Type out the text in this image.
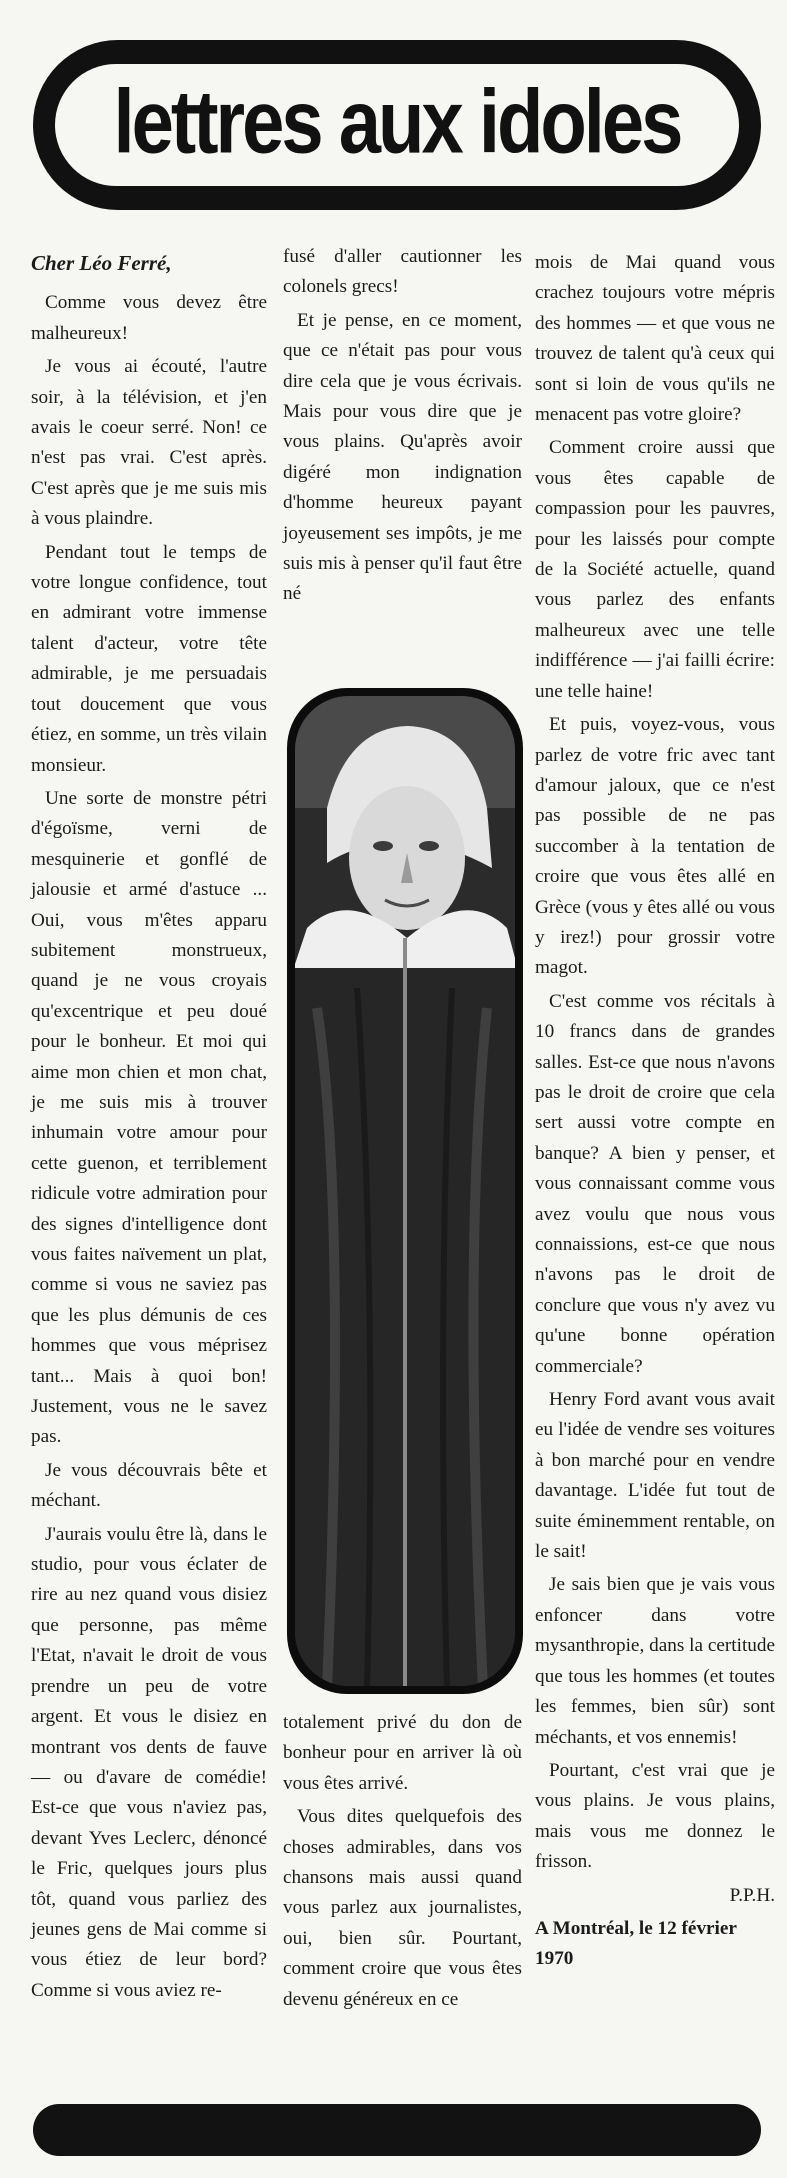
lettres aux idoles

Cher Léo Ferré,

Comme vous devez être malheureux!

Je vous ai écouté, l'autre soir, à la télévision, et j'en avais le coeur serré. Non! ce n'est pas vrai. C'est après. C'est après que je me suis mis à vous plaindre.

Pendant tout le temps de votre longue confidence, tout en admirant votre immense talent d'acteur, votre tête admirable, je me persuadais tout doucement que vous étiez, en somme, un très vilain monsieur.

Une sorte de monstre pétri d'égoïsme, verni de mesquinerie et gonflé de jalousie et armé d'astuce ... Oui, vous m'êtes apparu subitement monstrueux, quand je ne vous croyais qu'excentrique et peu doué pour le bonheur. Et moi qui aime mon chien et mon chat, je me suis mis à trouver inhumain votre amour pour cette guenon, et terriblement ridicule votre admiration pour des signes d'intelligence dont vous faites naïvement un plat, comme si vous ne saviez pas que les plus démunis de ces hommes que vous méprisez tant... Mais à quoi bon! Justement, vous ne le savez pas.

Je vous découvrais bête et méchant.

J'aurais voulu être là, dans le studio, pour vous éclater de rire au nez quand vous disiez que personne, pas même l'Etat, n'avait le droit de vous prendre un peu de votre argent. Et vous le disiez en montrant vos dents de fauve — ou d'avare de comédie! Est-ce que vous n'aviez pas, devant Yves Leclerc, dénoncé le Fric, quelques jours plus tôt, quand vous parliez des jeunes gens de Mai comme si vous étiez de leur bord? Comme si vous aviez re-

fusé d'aller cautionner les colonels grecs!

Et je pense, en ce moment, que ce n'était pas pour vous dire cela que je vous écrivais. Mais pour vous dire que je vous plains. Qu'après avoir digéré mon indignation d'homme heureux payant joyeusement ses impôts, je me suis mis à penser qu'il faut être né

totalement privé du don de bonheur pour en arriver là où vous êtes arrivé.

Vous dites quelquefois des choses admirables, dans vos chansons mais aussi quand vous parlez aux journalistes, oui, bien sûr. Pourtant, comment croire que vous êtes devenu généreux en ce

mois de Mai quand vous crachez toujours votre mépris des hommes — et que vous ne trouvez de talent qu'à ceux qui sont si loin de vous qu'ils ne menacent pas votre gloire?

Comment croire aussi que vous êtes capable de compassion pour les pauvres, pour les laissés pour compte de la Société actuelle, quand vous parlez des enfants malheureux avec une telle indifférence — j'ai failli écrire: une telle haine!

Et puis, voyez-vous, vous parlez de votre fric avec tant d'amour jaloux, que ce n'est pas possible de ne pas succomber à la tentation de croire que vous êtes allé en Grèce (vous y êtes allé ou vous y irez!) pour grossir votre magot.

C'est comme vos récitals à 10 francs dans de grandes salles. Est-ce que nous n'avons pas le droit de croire que cela sert aussi votre compte en banque? A bien y penser, et vous connaissant comme vous avez voulu que nous vous connaissions, est-ce que nous n'avons pas le droit de conclure que vous n'y avez vu qu'une bonne opération commerciale?

Henry Ford avant vous avait eu l'idée de vendre ses voitures à bon marché pour en vendre davantage. L'idée fut tout de suite éminemment rentable, on le sait!

Je sais bien que je vais vous enfoncer dans votre mysanthropie, dans la certitude que tous les hommes (et toutes les femmes, bien sûr) sont méchants, et vos ennemis!

Pourtant, c'est vrai que je vous plains. Je vous plains, mais vous me donnez le frisson.

P.P.H.

A Montréal, le 12 février 1970
